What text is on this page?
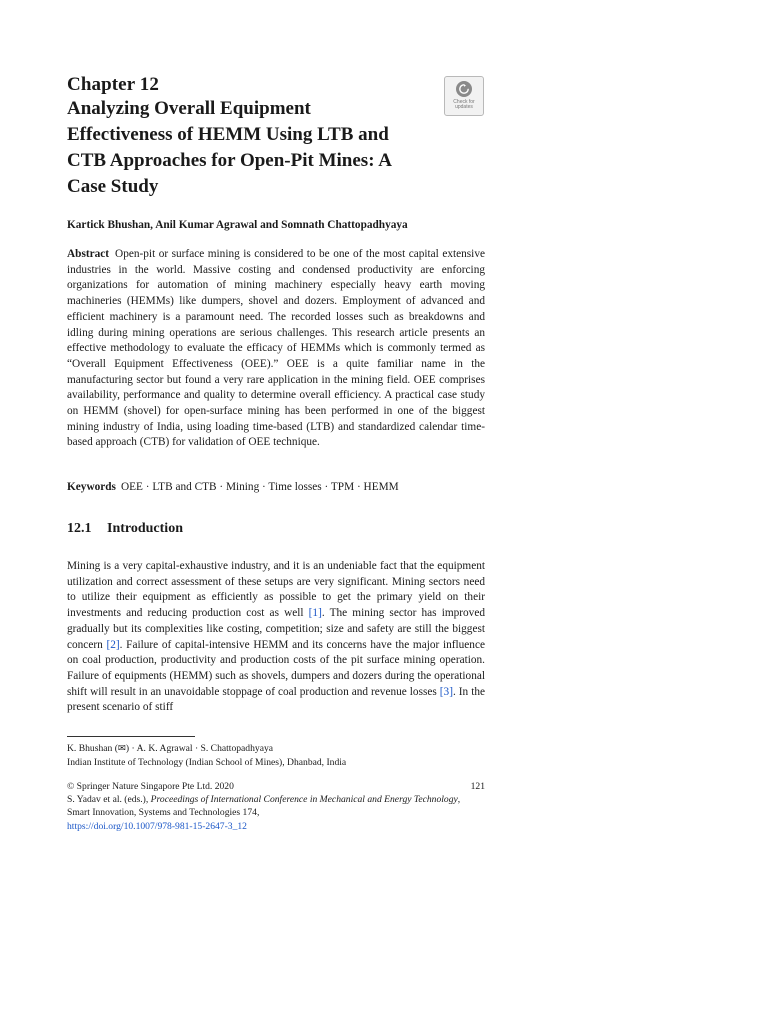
Chapter 12
Analyzing Overall Equipment Effectiveness of HEMM Using LTB and CTB Approaches for Open-Pit Mines: A Case Study
Check for updates
Kartick Bhushan, Anil Kumar Agrawal and Somnath Chattopadhyaya
Abstract Open-pit or surface mining is considered to be one of the most capital extensive industries in the world. Massive costing and condensed productivity are enforcing organizations for automation of mining machinery especially heavy earth moving machineries (HEMMs) like dumpers, shovel and dozers. Employment of advanced and efficient machinery is a paramount need. The recorded losses such as breakdowns and idling during mining operations are serious challenges. This research article presents an effective methodology to evaluate the efficacy of HEMMs which is commonly termed as “Overall Equipment Effectiveness (OEE).” OEE is a quite familiar name in the manufacturing sector but found a very rare application in the mining field. OEE comprises availability, performance and quality to determine overall efficiency. A practical case study on HEMM (shovel) for open-surface mining has been performed in one of the biggest mining industry of India, using loading time-based (LTB) and standardized calendar time-based approach (CTB) for validation of OEE technique.
Keywords OEE · LTB and CTB · Mining · Time losses · TPM · HEMM
12.1 Introduction
Mining is a very capital-exhaustive industry, and it is an undeniable fact that the equipment utilization and correct assessment of these setups are very significant. Mining sectors need to utilize their equipment as efficiently as possible to get the primary yield on their investments and reducing production cost as well [1]. The mining sector has improved gradually but its complexities like costing, competition; size and safety are still the biggest concern [2]. Failure of capital-intensive HEMM and its concerns have the major influence on coal production, productivity and production costs of the pit surface mining operation. Failure of equipments (HEMM) such as shovels, dumpers and dozers during the operational shift will result in an unavoidable stoppage of coal production and revenue losses [3]. In the present scenario of stiff
K. Bhushan (✉) · A. K. Agrawal · S. Chattopadhyaya
Indian Institute of Technology (Indian School of Mines), Dhanbad, India
© Springer Nature Singapore Pte Ltd. 2020	121
S. Yadav et al. (eds.), Proceedings of International Conference in Mechanical and Energy Technology, Smart Innovation, Systems and Technologies 174,
https://doi.org/10.1007/978-981-15-2647-3_12
